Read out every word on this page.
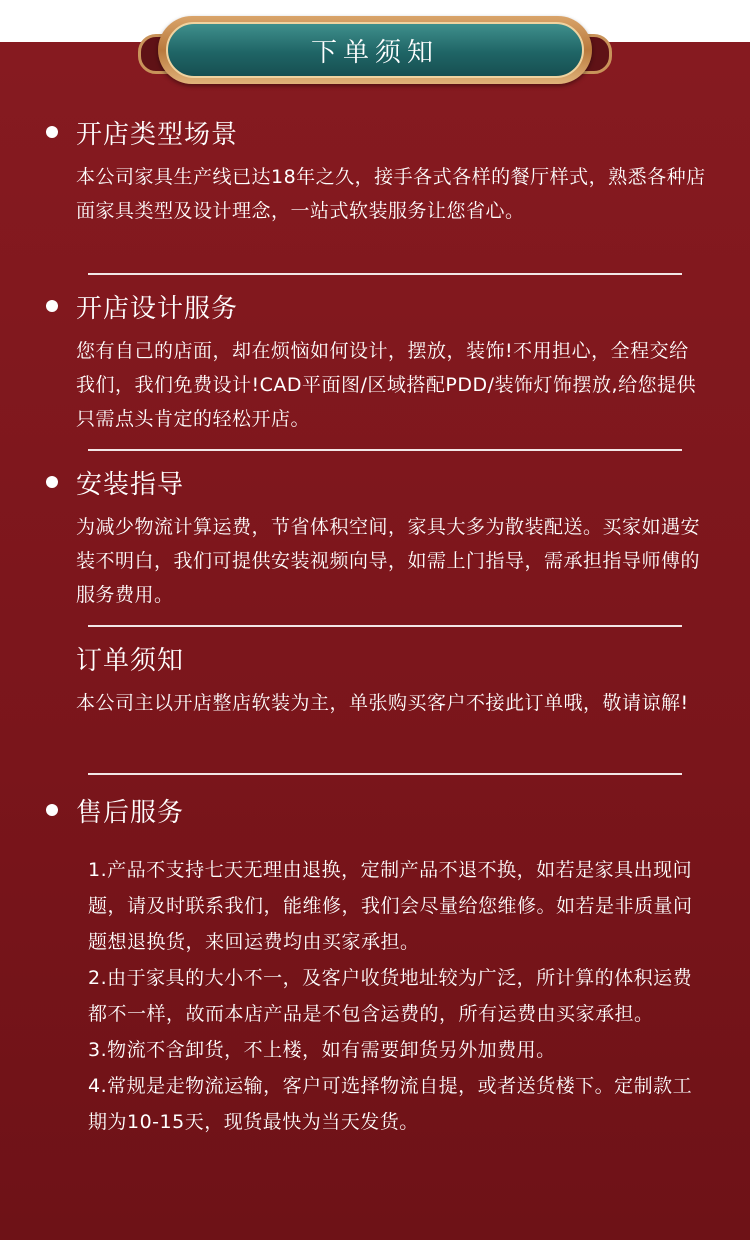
下单须知
开店类型场景
本公司家具生产线已达18年之久，接手各式各样的餐厅样式，熟悉各种店面家具类型及设计理念，一站式软装服务让您省心。
开店设计服务
您有自己的店面，却在烦恼如何设计，摆放，装饰!不用担心，全程交给我们，我们免费设计!CAD平面图/区域搭配PDD/装饰灯饰摆放,给您提供只需点头肯定的轻松开店。
安装指导
为减少物流计算运费，节省体积空间，家具大多为散装配送。买家如遇安装不明白，我们可提供安装视频向导，如需上门指导，需承担指导师傅的服务费用。
订单须知
本公司主以开店整店软装为主，单张购买客户不接此订单哦，敬请谅解!
售后服务
1.产品不支持七天无理由退换，定制产品不退不换，如若是家具出现问题，请及时联系我们，能维修，我们会尽量给您维修。如若是非质量问题想退换货，来回运费均由买家承担。
2.由于家具的大小不一，及客户收货地址较为广泛，所计算的体积运费都不一样，故而本店产品是不包含运费的，所有运费由买家承担。
3.物流不含卸货，不上楼，如有需要卸货另外加费用。
4.常规是走物流运输，客户可选择物流自提，或者送货楼下。定制款工期为10-15天，现货最快为当天发货。
